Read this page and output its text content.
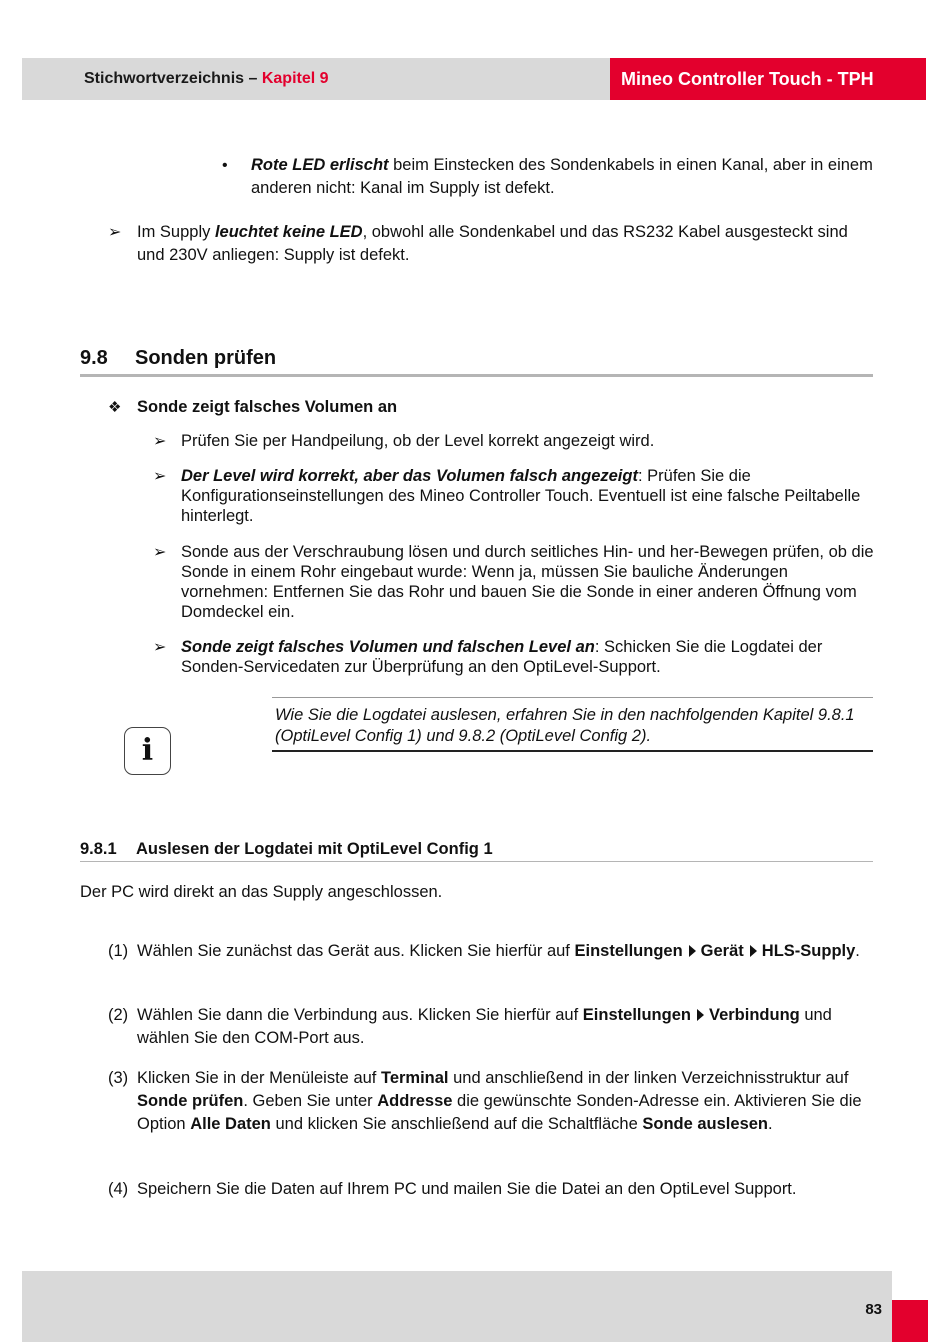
Stichwortverzeichnis – Kapitel 9	Mineo Controller Touch - TPH
• Rote LED erlischt beim Einstecken des Sondenkabels in einen Kanal, aber in einem anderen nicht: Kanal im Supply ist defekt.
➢ Im Supply leuchtet keine LED, obwohl alle Sondenkabel und das RS232 Kabel ausgesteckt sind und 230V anliegen: Supply ist defekt.
9.8 Sonden prüfen
❖ Sonde zeigt falsches Volumen an
➢ Prüfen Sie per Handpeilung, ob der Level korrekt angezeigt wird.
➢ Der Level wird korrekt, aber das Volumen falsch angezeigt: Prüfen Sie die Konfigurationseinstellungen des Mineo Controller Touch. Eventuell ist eine falsche Peiltabelle hinterlegt.
➢ Sonde aus der Verschraubung lösen und durch seitliches Hin- und her-Bewegen prüfen, ob die Sonde in einem Rohr eingebaut wurde: Wenn ja, müssen Sie bauliche Änderungen vornehmen: Entfernen Sie das Rohr und bauen Sie die Sonde in einer anderen Öffnung vom Domdeckel ein.
➢ Sonde zeigt falsches Volumen und falschen Level an: Schicken Sie die Logdatei der Sonden-Servicedaten zur Überprüfung an den OptiLevel-Support.
Wie Sie die Logdatei auslesen, erfahren Sie in den nachfolgenden Kapitel 9.8.1 (OptiLevel Config 1) und 9.8.2 (OptiLevel Config 2).
i
9.8.1 Auslesen der Logdatei mit OptiLevel Config 1
Der PC wird direkt an das Supply angeschlossen.
(1) Wählen Sie zunächst das Gerät aus. Klicken Sie hierfür auf Einstellungen Gerät HLS-Supply.
(2) Wählen Sie dann die Verbindung aus. Klicken Sie hierfür auf Einstellungen Verbindung und wählen Sie den COM-Port aus.
(3) Klicken Sie in der Menüleiste auf Terminal und anschließend in der linken Verzeichnisstruktur auf Sonde prüfen. Geben Sie unter Addresse die gewünschte Sonden-Adresse ein. Aktivieren Sie die Option Alle Daten und klicken Sie anschließend auf die Schaltfläche Sonde auslesen.
(4) Speichern Sie die Daten auf Ihrem PC und mailen Sie die Datei an den OptiLevel Support.
83
